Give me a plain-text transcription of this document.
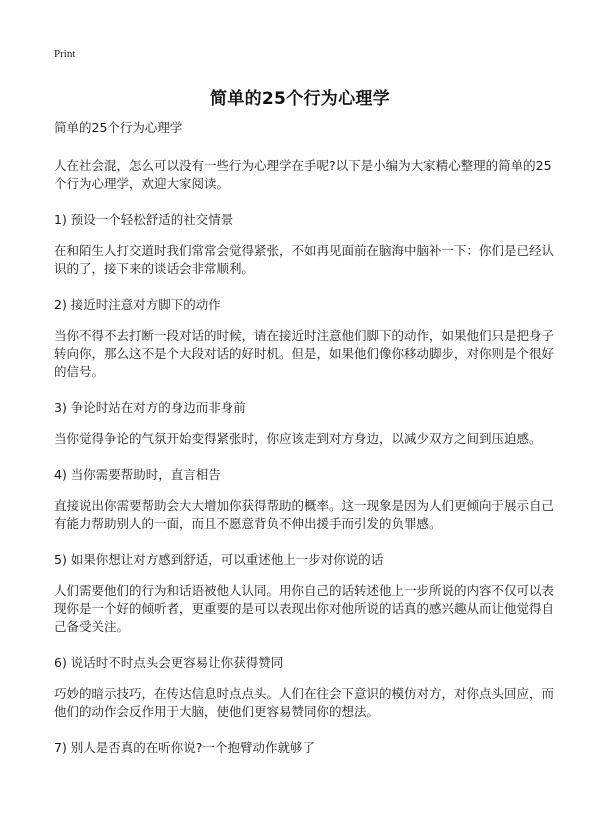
Print
简单的25个行为心理学

简单的25个行为心理学

人在社会混，怎么可以没有一些行为心理学在手呢?以下是小编为大家精心整理的简单的25个行为心理学，欢迎大家阅读。

1) 预设一个轻松舒适的社交情景

在和陌生人打交道时我们常常会觉得紧张，不如再见面前在脑海中脑补一下：你们是已经认识的了，接下来的谈话会非常顺利。

2) 接近时注意对方脚下的动作

当你不得不去打断一段对话的时候，请在接近时注意他们脚下的动作，如果他们只是把身子转向你，那么这不是个大段对话的好时机。但是，如果他们像你移动脚步，对你则是个很好的信号。

3) 争论时站在对方的身边而非身前

当你觉得争论的气氛开始变得紧张时，你应该走到对方身边，以减少双方之间到压迫感。

4) 当你需要帮助时，直言相告

直接说出你需要帮助会大大增加你获得帮助的概率。这一现象是因为人们更倾向于展示自己有能力帮助别人的一面，而且不愿意背负不伸出援手而引发的负罪感。

5) 如果你想让对方感到舒适，可以重述他上一步对你说的话

人们需要他们的行为和话语被他人认同。用你自己的话转述他上一步所说的内容不仅可以表现你是一个好的倾听者，更重要的是可以表现出你对他所说的话真的感兴趣从而让他觉得自己备受关注。

6) 说话时不时点头会更容易让你获得赞同

巧妙的暗示技巧，在传达信息时点点头。人们在往会下意识的模仿对方，对你点头回应，而他们的动作会反作用于大脑，使他们更容易赞同你的想法。

7) 别人是否真的在听你说?一个抱臂动作就够了
